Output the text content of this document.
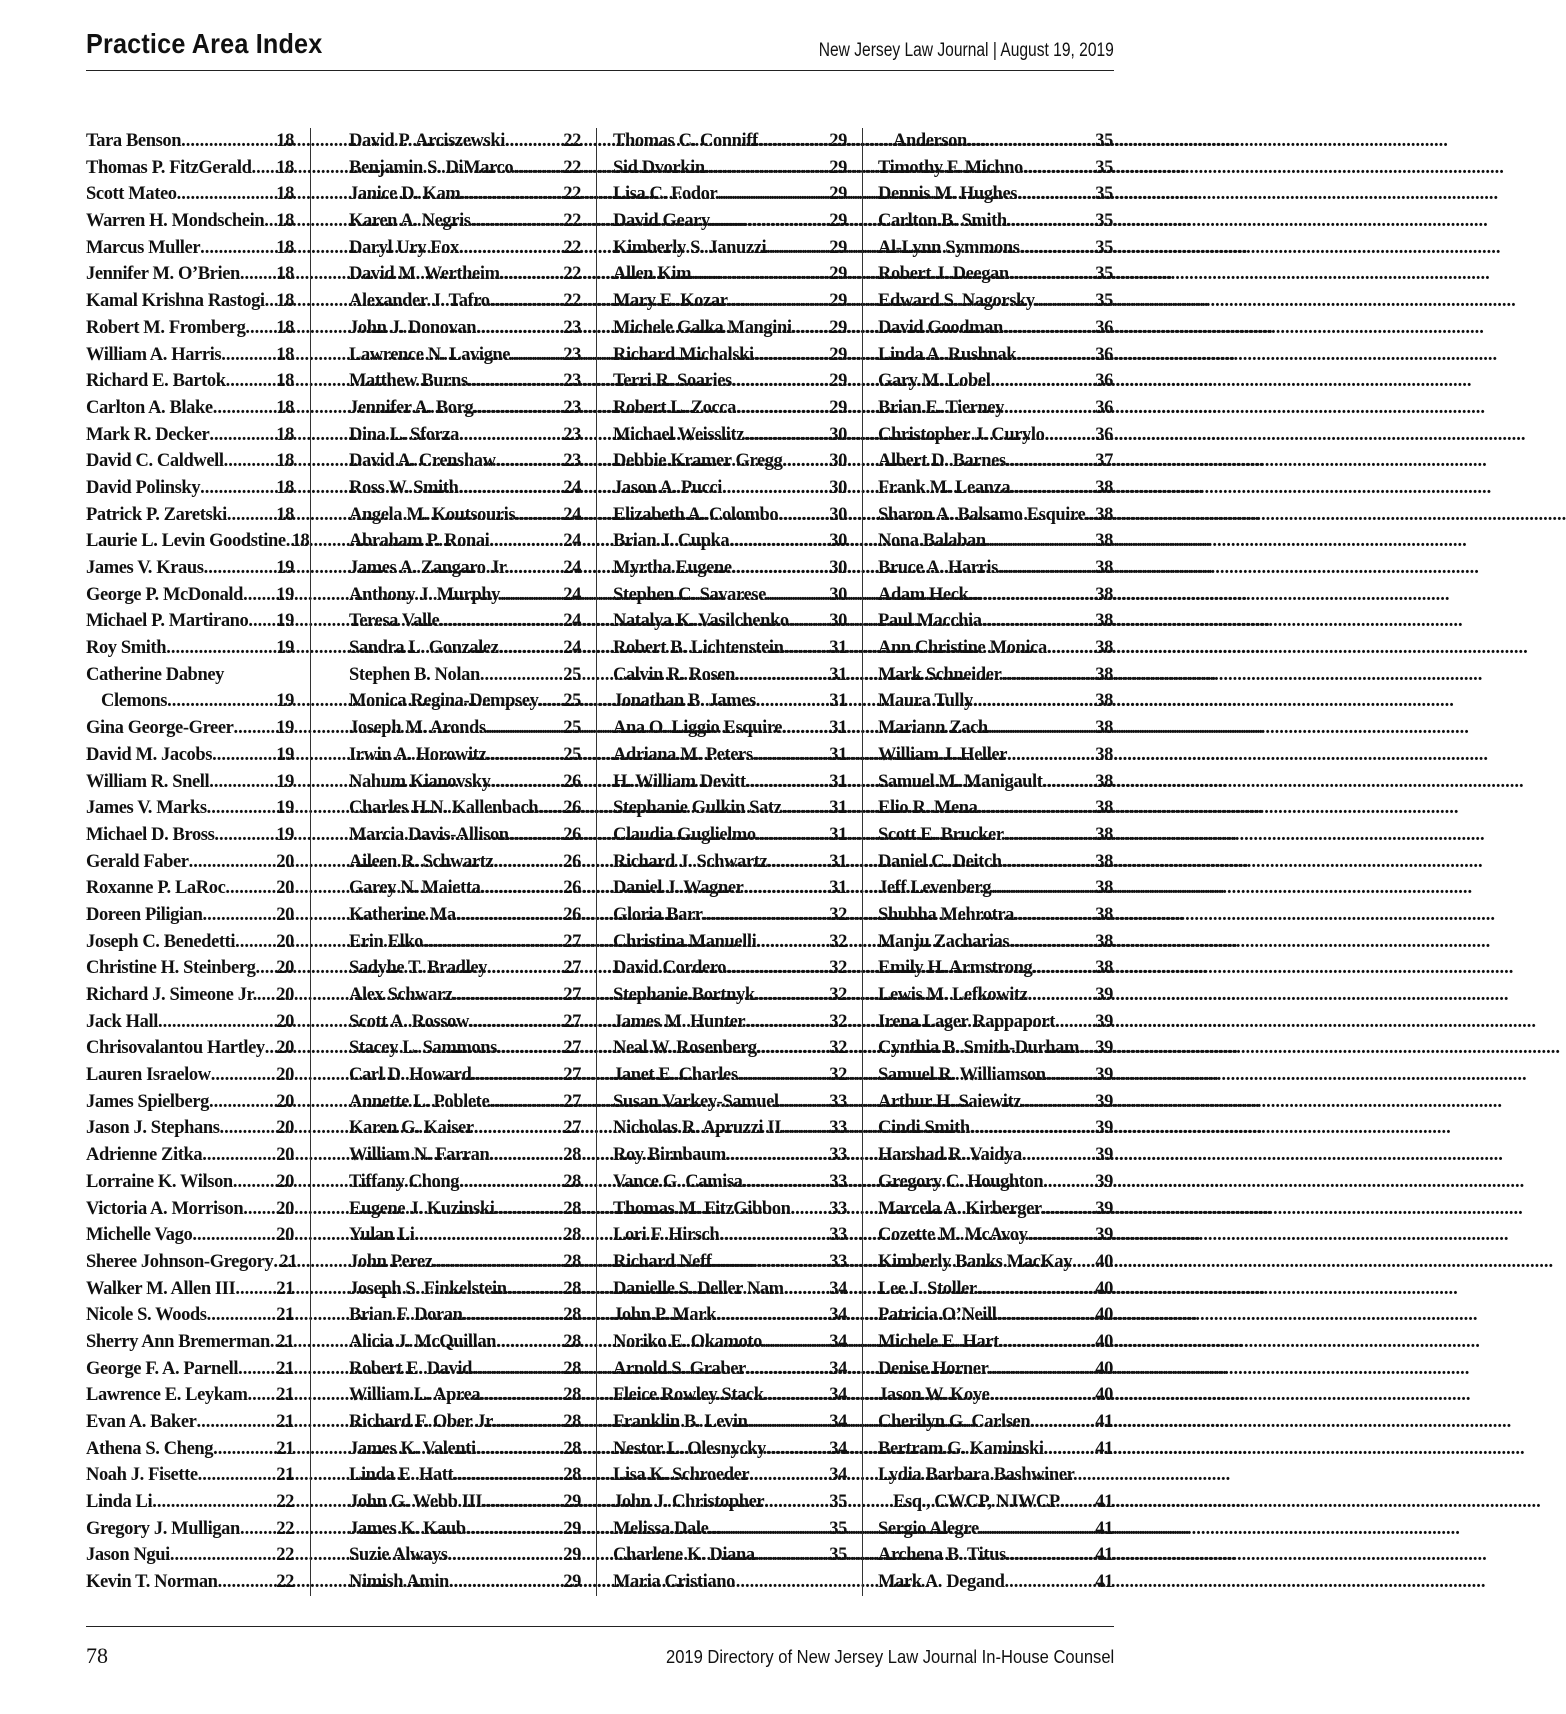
Practice Area Index	New Jersey Law Journal | August 19, 2019
Tara Benson .....	18
Thomas P. FitzGerald ..... 18
Scott Mateo .....	18
Warren H. Mondschein ..... 18
Marcus Muller .....	18
Jennifer M. O’Brien ..... 18
Kamal Krishna Rastogi ..... 18
Robert M. Fromberg ..... 18
William A. Harris .....	18
Richard E. Bartok .....	18
Carlton A. Blake .....	18
Mark R. Decker .....	18
David C. Caldwell .....	18
David Polinsky .....	18
Patrick P. Zaretski .....	18
Laurie L. Levin Goodstine ..... 18
James V. Kraus .....	19
George P. McDonald ..... 19
Michael P. Martirano ..... 19
Roy Smith .....	19
Catherine Dabney
Clemons .....	19
Gina George-Greer ..... 19
David M. Jacobs .....	19
William R. Snell .....	19
James V. Marks .....	19
Michael D. Bross .....	19
Gerald Faber .....	20
Roxanne P. LaRoc .....	20
Doreen Piligian .....	20
Joseph C. Benedetti ..... 20
Christine H. Steinberg ..... 20
Richard J. Simeone Jr. ..... 20
Jack Hall .....	20
Chrisovalantou Hartley ..... 20
Lauren Israelow .....	20
James Spielberg .....	20
Jason J. Stephans .....	20
Adrienne Zitka .....	20
Lorraine K. Wilson ..... 20
Victoria A. Morrison ..... 20
Michelle Vago .....	20
Sheree Johnson-Gregory ..... 21
Walker M. Allen III ..... 21
Nicole S. Woods .....	21
Sherry Ann Bremerman ..... 21
George F. A. Parnell ..... 21
Lawrence E. Leykam ..... 21
Evan A. Baker .....	21
Athena S. Cheng .....	21
Noah J. Fisette .....	21
Linda Li .....	22
Gregory J. Mulligan ..... 22
Jason Ngui .....	22
Kevin T. Norman .....	22
David P. Arciszewski .....	22
Benjamin S. DiMarco .....	22
Janice D. Kam .....	22
Karen A. Negris .....	22
Daryl Ury Fox .....	22
David M. Wertheim .....	22
Alexander J. Tafro .....	22
John J. Donovan .....	23
Lawrence N. Lavigne .....	23
Matthew Burns .....	23
Jennifer A. Borg .....	23
Dina L. Sforza .....	23
David A. Crenshaw .....	23
Ross W. Smith .....	24
Angela M. Koutsouris .....	24
Abraham P. Ronai .....	24
James A. Zangaro Jr. .....	24
Anthony J. Murphy .....	24
Teresa Valle .....	24
Sandra L. Gonzalez .....	24
Stephen B. Nolan .....	25
Monica Regina-Dempsey ..... 25
Joseph M. Aronds .....	25
Irwin A. Horowitz .....	25
Nahum Kianovsky .....	26
Charles H.N. Kallenbach ..... 26
Marcia Davis-Allison .....	26
Aileen R. Schwartz .....	26
Garey N. Maietta .....	26
Katherine Ma .....	26
Erin Elko .....	27
Sadyhe T. Bradley .....	27
Alex Schwarz .....	27
Scott A. Rossow .....	27
Stacey L. Sammons .....	27
Carl D. Howard .....	27
Annette L. Poblete .....	27
Karen G. Kaiser .....	27
William N. Farran .....	28
Tiffany Chong .....	28
Eugene J. Kuzinski .....	28
Yulan Li .....	28
John Perez .....	28
Joseph S. Finkelstein .....	28
Brian F. Doran .....	28
Alicia J. McQuillan .....	28
Robert E. David .....	28
William L. Aprea .....	28
Richard F. Ober Jr. .....	28
James K. Valenti .....	28
Linda E. Hatt .....	28
John G. Webb III .....	29
James K. Kaub .....	29
Suzie Always .....	29
Nimish Amin .....	29
Thomas C. Conniff .....	29
Sid Dvorkin .....	29
Lisa C. Fodor .....	29
David Geary .....	29
Kimberly S. Januzzi .....	29
Allen Kim .....	29
Mary E. Kozar .....	29
Michele Galka Mangini ..... 29
Richard Michalski .....	29
Terri R. Soaries .....	29
Robert L. Zocca .....	29
Michael Weisslitz .....	30
Debbie Kramer Gregg .....	30
Jason A. Pucci .....	30
Elizabeth A. Colombo .....	30
Brian J. Cupka .....	30
Myrtha Eugene .....	30
Stephen C. Savarese .....	30
Natalya K. Vasilchenko ..... 30
Robert B. Lichtenstein ..... 31
Calvin R. Rosen .....	31
Jonathan B. James .....	31
Ana O. Liggio Esquire .....	31
Adriana M. Peters .....	31
H. William Devitt .....	31
Stephanie Gulkin Satz .....	31
Claudia Guglielmo .....	31
Richard J. Schwartz .....	31
Daniel J. Wagner .....	31
Gloria Barr .....	32
Christina Manuelli .....	32
David Cordero .....	32
Stephanie Bortnyk .....	32
James M. Hunter .....	32
Neal W. Rosenberg .....	32
Janet E. Charles .....	32
Susan Varkey-Samuel .....	33
Nicholas R. Apruzzi II .....	33
Roy Birnbaum .....	33
Vance G. Camisa .....	33
Thomas M. FitzGibbon ..... 33
Lori F. Hirsch .....	33
Richard Neff .....	33
Danielle S. Deller Nam ..... 34
John P. Mark .....	34
Noriko E. Okamoto .....	34
Arnold S. Graber .....	34
Fleice Rowley Stack .....	34
Franklin B. Levin .....	34
Nestor L. Olesnycky .....	34
Lisa K. Schroeder .....	34
John J. Christopher .....	35
Melissa Dale .....	35
Charlene K. Diana .....	35
Maria Cristiano
Anderson .....	35
Timothy F. Michno .....	35
Dennis M. Hughes .....	35
Carlton B. Smith .....	35
Al-Lynn Symmons .....	35
Robert J. Deegan .....	35
Edward S. Nagorsky .....	35
David Goodman .....	36
Linda A. Rushnak .....	36
Gary M. Lobel .....	36
Brian E. Tierney .....	36
Christopher J. Curylo .....	36
Albert D. Barnes .....	37
Frank M. Leanza .....	38
Sharon A. Balsamo Esquire ..... 38
Nona Balaban .....	38
Bruce A. Harris .....	38
Adam Heck .....	38
Paul Macchia .....	38
Ann Christine Monica .....	38
Mark Schneider .....	38
Maura Tully .....	38
Mariann Zach .....	38
William J. Heller .....	38
Samuel M. Manigault .....	38
Elio R. Mena .....	38
Scott E. Brucker .....	38
Daniel C. Deitch .....	38
Jeff Levenberg .....	38
Shubha Mehrotra .....	38
Manju Zacharias .....	38
Emily H. Armstrong .....	38
Lewis M. Lefkowitz .....	39
Irena Lager Rappaport ..... 39
Cynthia B. Smith-Durham ..... 39
Samuel R. Williamson .....	39
Arthur H. Saiewitz .....	39
Cindi Smith .....	39
Harshad R. Vaidya .....	39
Gregory C. Houghton .....	39
Marcela A. Kirberger .....	39
Cozette M. McAvoy .....	39
Kimberly Banks MacKay ..... 40
Lee J. Stoller .....	40
Patricia O’Neill .....	40
Michele E. Hart .....	40
Denise Horner .....	40
Jason W. Koye .....	40
Cherilyn G. Carlsen .....	41
Bertram G. Kaminski .....	41
Lydia Barbara Bashwiner
Esq., CWCP, NJWCP ..... 41
Sergio Alegre .....	41
Archena B. Titus .....	41
Mark A. Degand .....	41
78	2019 Directory of New Jersey Law Journal In-House Counsel
